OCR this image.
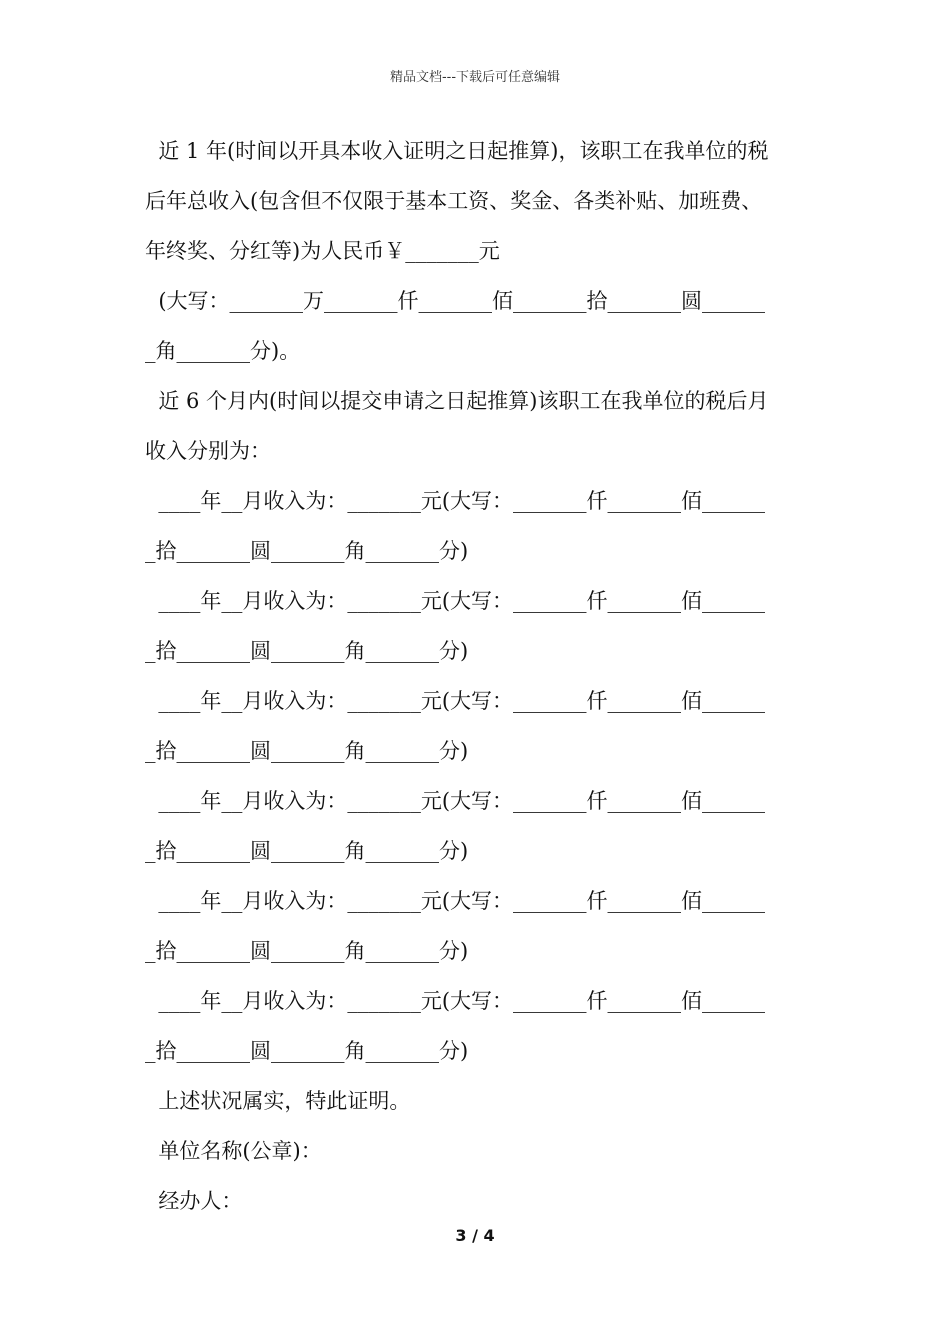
精品文档---下载后可任意编辑

近 1 年(时间以开具本收入证明之日起推算)，该职工在我单位的税

后年总收入(包含但不仅限于基本工资、奖金、各类补贴、加班费、

年终奖、分红等)为人民币￥_______元

(大写：_______万_______仟_______佰_______拾_______圆______

_角_______分)。

近 6 个月内(时间以提交申请之日起推算)该职工在我单位的税后月

收入分别为：

____年__月收入为：_______元(大写：_______仟_______佰______

_拾_______圆_______角_______分)

____年__月收入为：_______元(大写：_______仟_______佰______

_拾_______圆_______角_______分)

____年__月收入为：_______元(大写：_______仟_______佰______

_拾_______圆_______角_______分)

____年__月收入为：_______元(大写：_______仟_______佰______

_拾_______圆_______角_______分)

____年__月收入为：_______元(大写：_______仟_______佰______

_拾_______圆_______角_______分)

____年__月收入为：_______元(大写：_______仟_______佰______

_拾_______圆_______角_______分)

上述状况属实，特此证明。

单位名称(公章)：

经办人：

3 / 4
